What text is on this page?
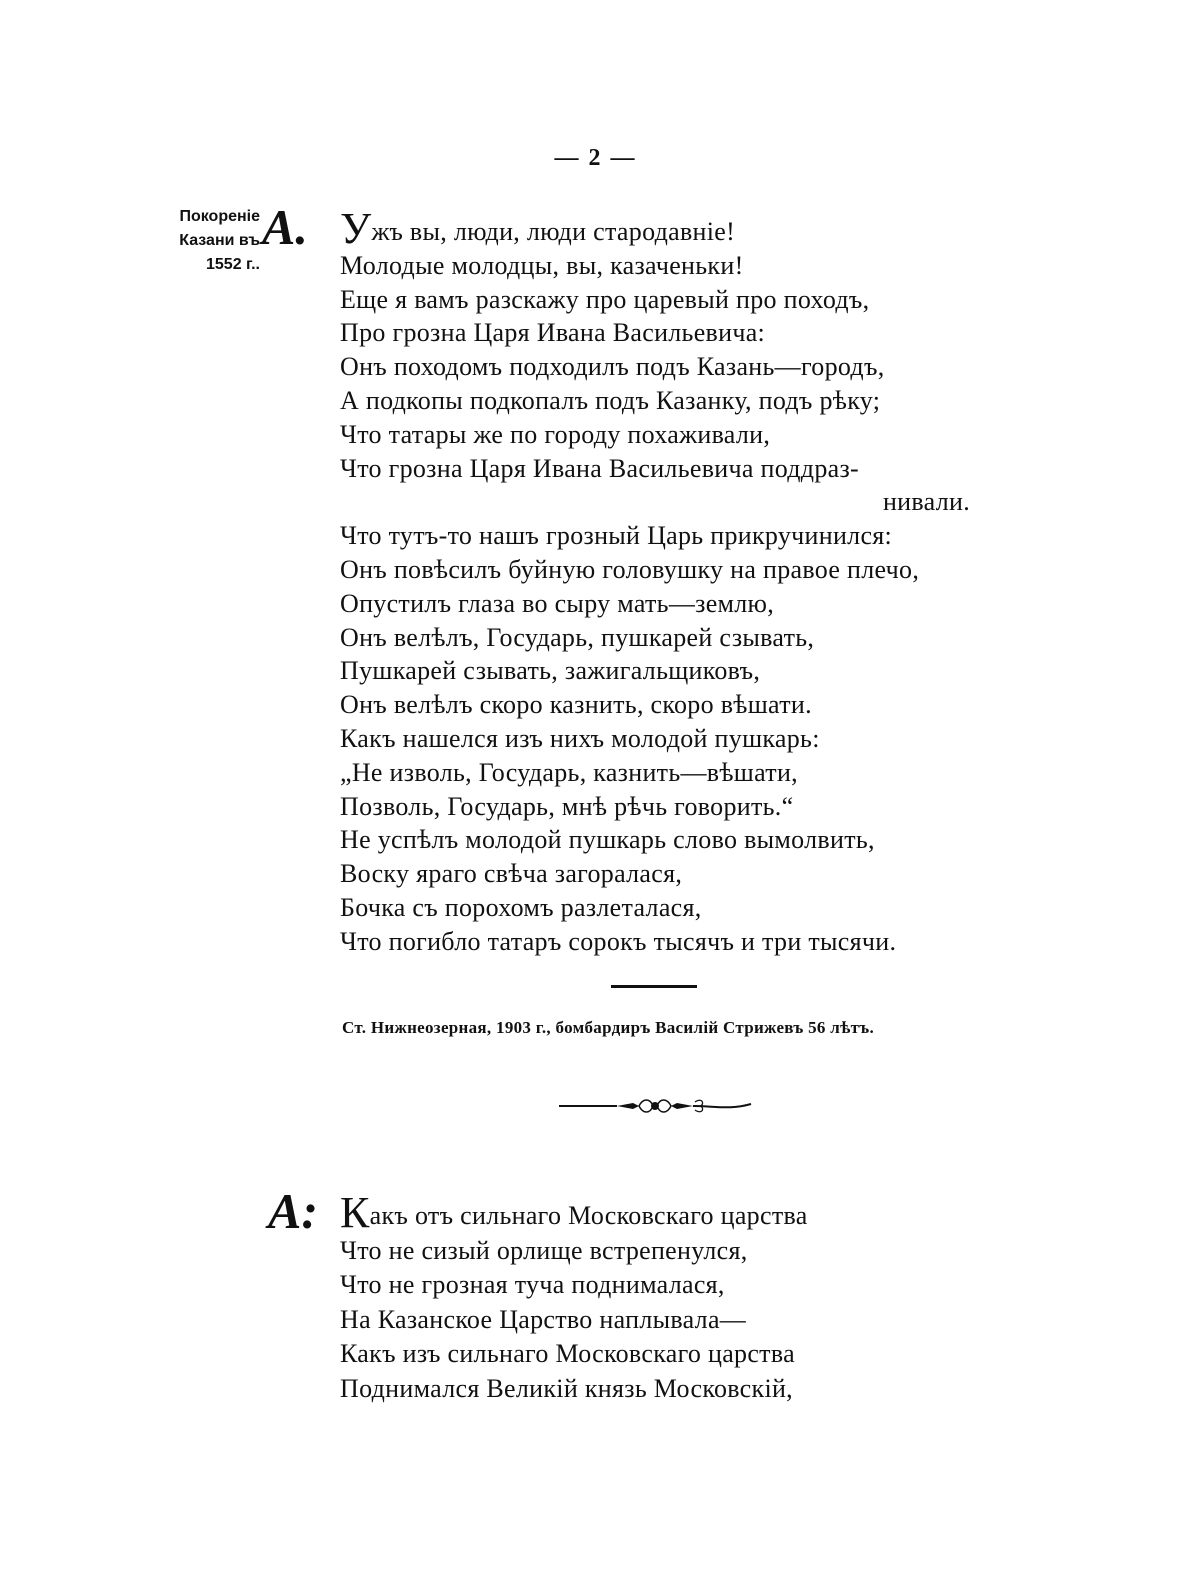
— 2 —
Покоренiе
Казани въ
1552 г..
A. Ужъ вы, люди, люди стародавнiе!
Молодые молодцы, вы, казаченьки!
Еще я вамъ разскажу про царевый про походъ,
Про грозна Царя Ивана Васильевича:
Онъ походомъ подходилъ подъ Казань—городъ,
А подкопы подкопалъ подъ Казанку, подъ рѣку;
Что татары же по городу похаживали,
Что грозна Царя Ивана Васильевича поддраз-
нивали.
Что тутъ-то нашъ грозный Царь прикручинился:
Онъ повѣсилъ буйную головушку на правое плечо,
Опустилъ глаза во сыру мать—землю,
Онъ велѣлъ, Государь, пушкарей сзывать,
Пушкарей сзывать, зажигальщиковъ,
Онъ велѣлъ скоро казнить, скоро вѣшати.
Какъ нашелся изъ нихъ молодой пушкарь:
„Не изволь, Государь, казнить—вѣшати,
Позволь, Государь, мнѣ рѣчь говорить.“
Не успѣлъ молодой пушкарь слово вымолвить,
Воску яраго свѣча загоралася,
Бочка съ порохомъ разлеталася,
Что погибло татаръ сорокъ тысячъ и три тысячи.
Ст. Нижнеозерная, 1903 г., бомбардиръ Василiй Стрижевъ 56 лѣтъ.
A: Какъ отъ сильнаго Московскаго царства
Что не сизый орлище встрепенулся,
Что не грозная туча поднималася,
На Казанское Царство наплывала—
Какъ изъ сильнаго Московскаго царства
Поднимался Великiй князь Московскiй,
